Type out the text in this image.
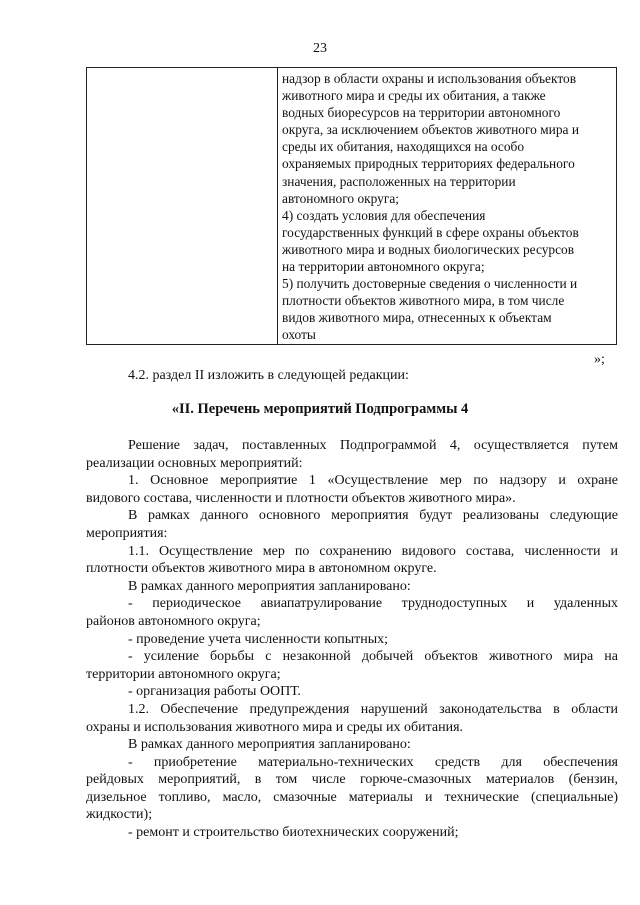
23

надзор в области охраны и использования объектов
животного мира и среды их обитания, а также
водных биоресурсов на территории автономного
округа, за исключением объектов животного мира и
среды их обитания, находящихся на особо
охраняемых природных территориях федерального
значения, расположенных на территории
автономного округа;
4) создать условия для обеспечения
государственных функций в сфере охраны объектов
животного мира и водных биологических ресурсов
на территории автономного округа;
5) получить достоверные сведения о численности и
плотности объектов животного мира, в том числе
видов животного мира, отнесенных к объектам
охоты
»;
4.2. раздел II изложить в следующей редакции:
«II. Перечень мероприятий Подпрограммы 4
Решение задач, поставленных Подпрограммой 4, осуществляется путем
реализации основных мероприятий:
1. Основное мероприятие 1 «Осуществление мер по надзору и охране
видового состава, численности и плотности объектов животного мира».
В рамках данного основного мероприятия будут реализованы следующие
мероприятия:
1.1. Осуществление мер по сохранению видового состава, численности и
плотности объектов животного мира в автономном округе.
В рамках данного мероприятия запланировано:
- периодическое авиапатрулирование труднодоступных и удаленных
районов автономного округа;
- проведение учета численности копытных;
- усиление борьбы с незаконной добычей объектов животного мира на
территории автономного округа;
- организация работы ООПТ.
1.2. Обеспечение предупреждения нарушений законодательства в области
охраны и использования животного мира и среды их обитания.
В рамках данного мероприятия запланировано:
- приобретение материально-технических средств для обеспечения
рейдовых мероприятий, в том числе горюче-смазочных материалов (бензин,
дизельное топливо, масло, смазочные материалы и технические (специальные)
жидкости);
- ремонт и строительство биотехнических сооружений;
